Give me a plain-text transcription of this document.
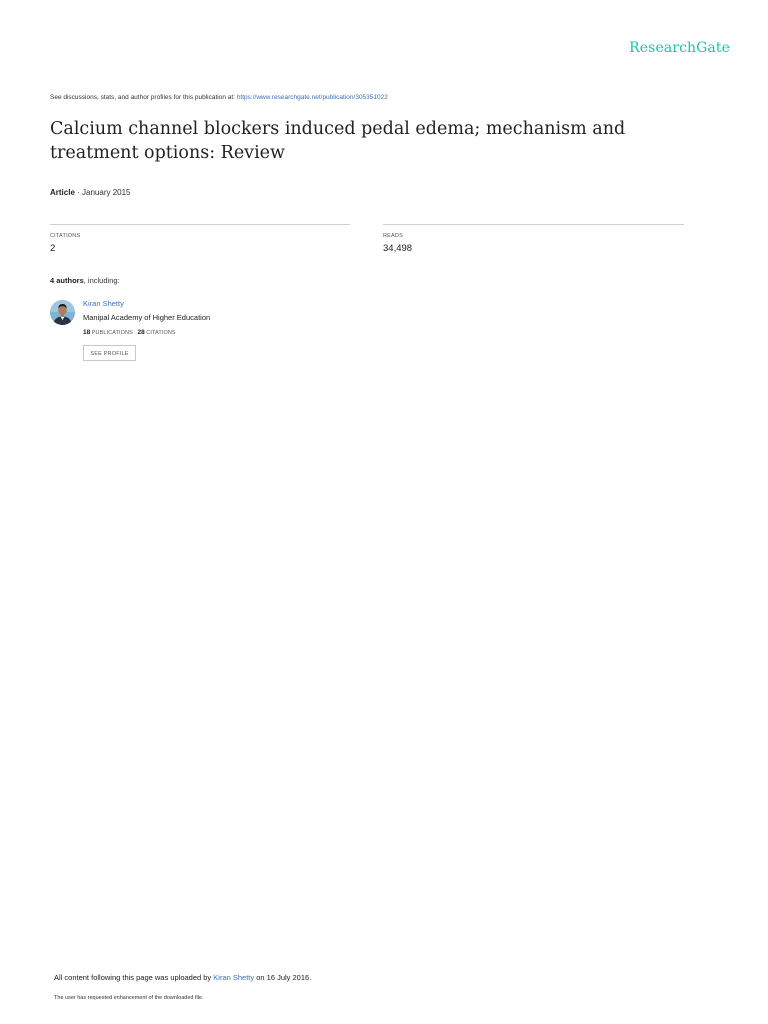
ResearchGate
See discussions, stats, and author profiles for this publication at: https://www.researchgate.net/publication/305351022
Calcium channel blockers induced pedal edema; mechanism and treatment options: Review
Article · January 2015
CITATIONS
2
READS
34,498
4 authors, including:
Kiran Shetty
Manipal Academy of Higher Education
18 PUBLICATIONS 28 CITATIONS
SEE PROFILE
All content following this page was uploaded by Kiran Shetty on 16 July 2016.
The user has requested enhancement of the downloaded file.
